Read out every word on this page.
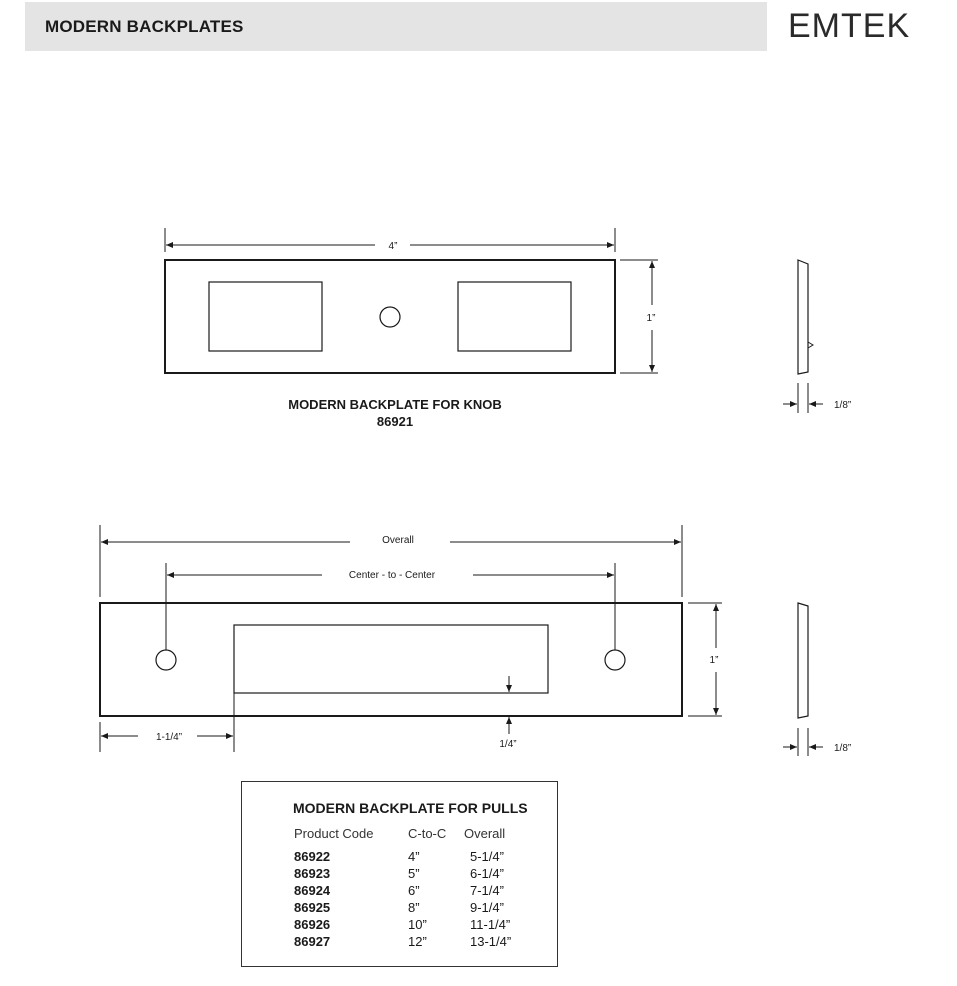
MODERN BACKPLATES	EMTEK
4”
1”
1/8”
Overall
Center - to - Center
1”
1-1/4”
1/4”	1/8”
MODERN BACKPLATE FOR KNOB
86921
MODERN BACKPLATE FOR PULLS
Product Code	C-to-C Overall
86922	4”	5-1/4”
86923	5”	6-1/4”
86924	6”	7-1/4”
86925	8”	9-1/4”
86926	10”	11-1/4”
86927	12”	13-1/4”
